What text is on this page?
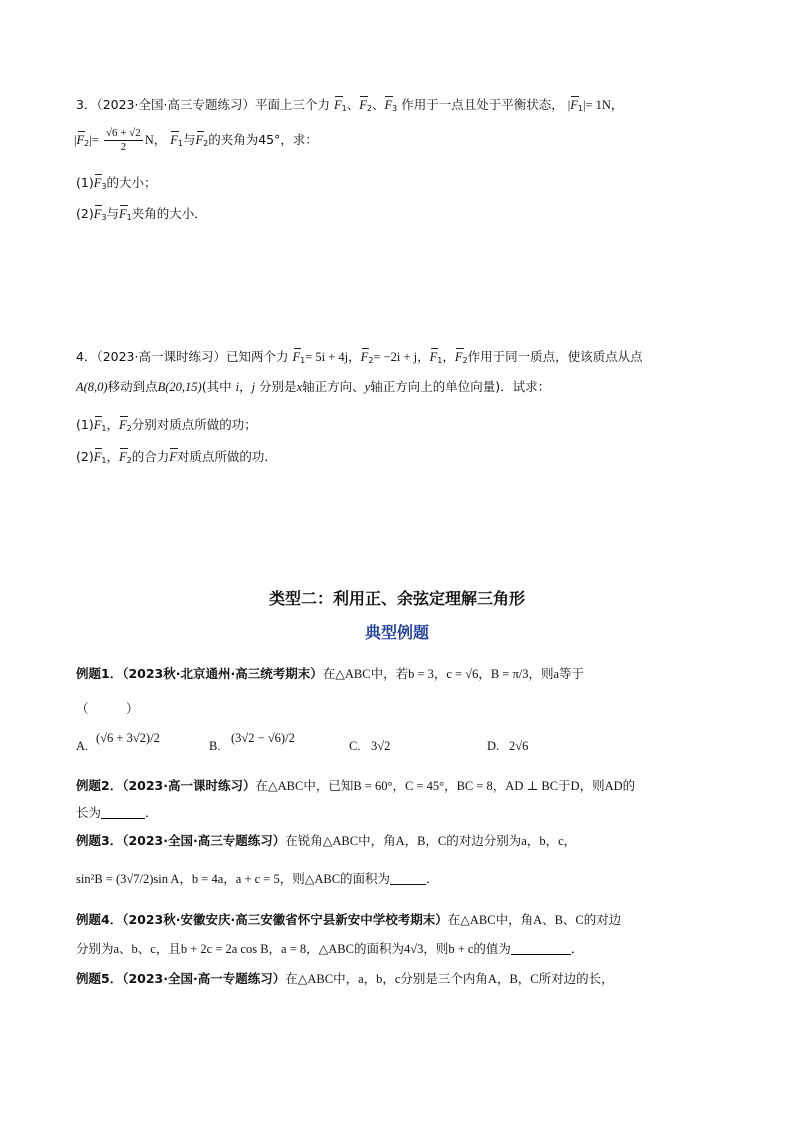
3．（2023·全国·高三专题练习）平面上三个力 $F_1$、$F_2$、$F_3$ 作用于一点且处于平衡状态， $|F_1|= 1N$，
$|F_2|= \frac{√6 + √2}{2}$ N， $F_1$与$F_2$的夹角为45°，求：
$(1)F_3$的大小；
$(2)F_3$与$F_1$夹角的大小．
4．（2023·高一课时练习）已知两个力 $F_1= 5i + 4j$，$F_2= -2i + j$，$F_1$，$F_2$作用于同一质点，使该质点从点
A(8,0)移动到点B(20,15)(其中 i，j 分别是x轴正方向、y轴正方向上的单位向量)．试求：
$(1)F_1$，$F_2$分别对质点所做的功；
$(2)F_1$，$F_2$的合力F对质点所做的功．
类型二：利用正、余弦定理解三角形
典型例题
例题1．（2023秋·北京通州·高三统考期末）在△ABC中，若b = 3，c = √6，B = π/3，则a等于
（　　　）
A.
(√6 + 3√2)/2
B.
(3√2 − √6)/2
C. 3√2	D. 2√6
例题2．（2023·高一课时练习）在△ABC中，已知B = 60°，C = 45°，BC = 8，AD ⊥ BC于D，则AD的
长为	．
例题3．（2023·全国·高三专题练习）在锐角△ABC中，角A，B，C的对边分别为a，b，c，
sin²B = (3√7/2)sin A，b = 4a，a + c = 5，则△ABC的面积为	．
例题4．（2023秋·安徽安庆·高三安徽省怀宁县新安中学校考期末）在△ABC中，角A、B、C的对边
分别为a、b、c，且b + 2c = 2a cos B，a = 8，△ABC的面积为4√3，则b + c的值为	．
例题5．（2023·全国·高一专题练习）在△ABC中，a，b，c分别是三个内角A，B，C所对边的长，
